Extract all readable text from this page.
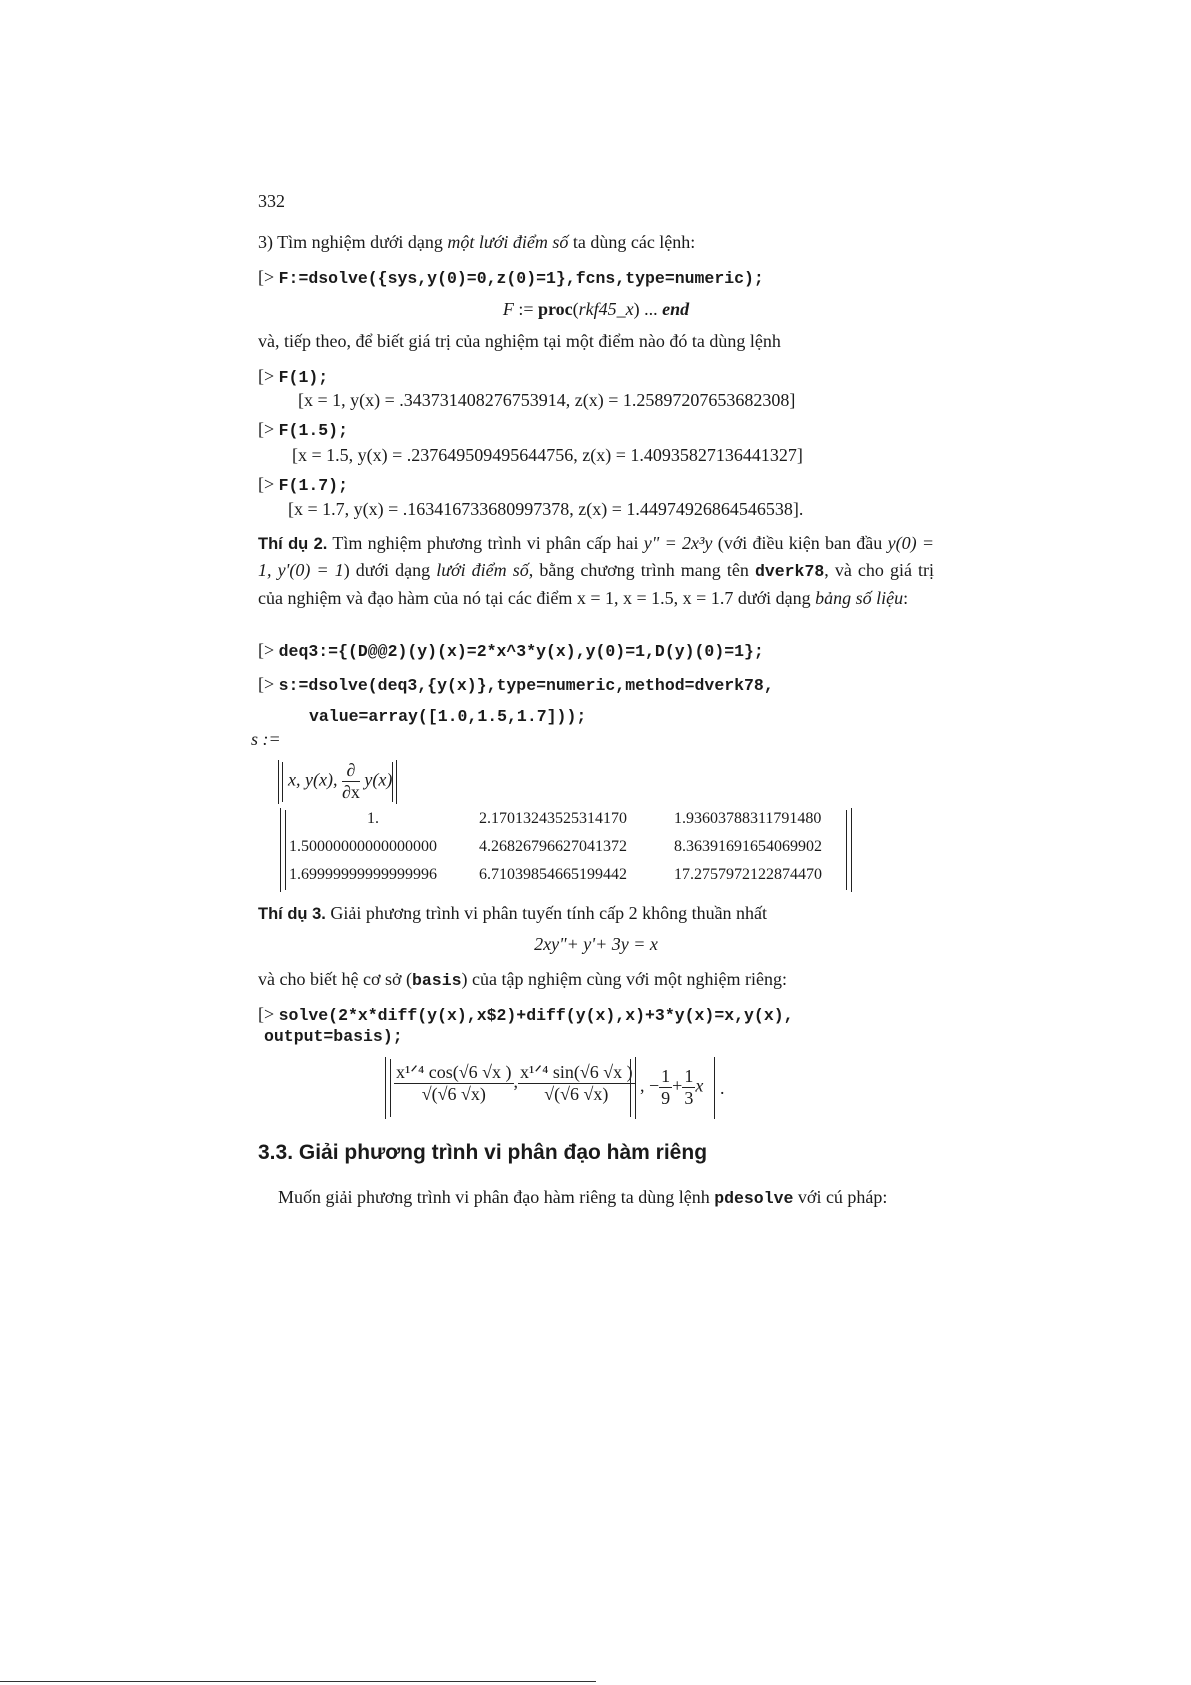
332
3) Tìm nghiệm dưới dạng một lưới điểm số ta dùng các lệnh:
[> F:=dsolve({sys,y(0)=0,z(0)=1},fcns,type=numeric);
F := proc(rkf45_x) ... end
và, tiếp theo, để biết giá trị của nghiệm tại một điểm nào đó ta dùng lệnh
[> F(1);
[x = 1, y(x) = .343731408276753914, z(x) = 1.25897207653682308]
[> F(1.5);
[x = 1.5, y(x) = .237649509495644756, z(x) = 1.40935827136441327]
[> F(1.7);
[x = 1.7, y(x) = .163416733680997378, z(x) = 1.44974926864546538].
Thí dụ 2. Tìm nghiệm phương trình vi phân cấp hai y" = 2x³y (với điều kiện ban đầu y(0) = 1, y'(0) = 1) dưới dạng lưới điểm số, bằng chương trình mang tên dverk78, và cho giá trị của nghiệm và đạo hàm của nó tại các điểm x = 1, x = 1.5, x = 1.7 dưới dạng bảng số liệu:
[> deq3:={(D@@2)(y)(x)=2*x^3*y(x),y(0)=1,D(y)(0)=1};
[> s:=dsolve(deq3,{y(x)},type=numeric,method=dverk78,
value=array([1.0,1.5,1.7]));
s :=
x, y(x), $\frac{\partial}{\partial x} y(x)$
1.	2.17013243525314170	1.93603788311791480
1.50000000000000000	4.26826796627041372	8.36391691654069902
1.69999999999999996	6.71039854665199442	17.2757972122874470
Thí dụ 3. Giải phương trình vi phân tuyến tính cấp 2 không thuần nhất
2xy"+ y'+ 3y = x
và cho biết hệ cơ sở (basis) của tập nghiệm cùng với một nghiệm riêng:
[> solve(2*x*diff(y(x),x$2)+diff(y(x),x)+3*y(x)=x,y(x),
output=basis);
$\frac{\text{x¹ᐟ⁴ cos(√6 √x )}}{√(√6 √x)}$ , $\frac{\text{x¹ᐟ⁴ sin(√6 √x )}}{√(√6 √x)}$ , − $\frac{1}{9} + \frac{1}{3}$ x .
3.3. Giải phương trình vi phân đạo hàm riêng
Muốn giải phương trình vi phân đạo hàm riêng ta dùng lệnh pdesolve với cú pháp:
